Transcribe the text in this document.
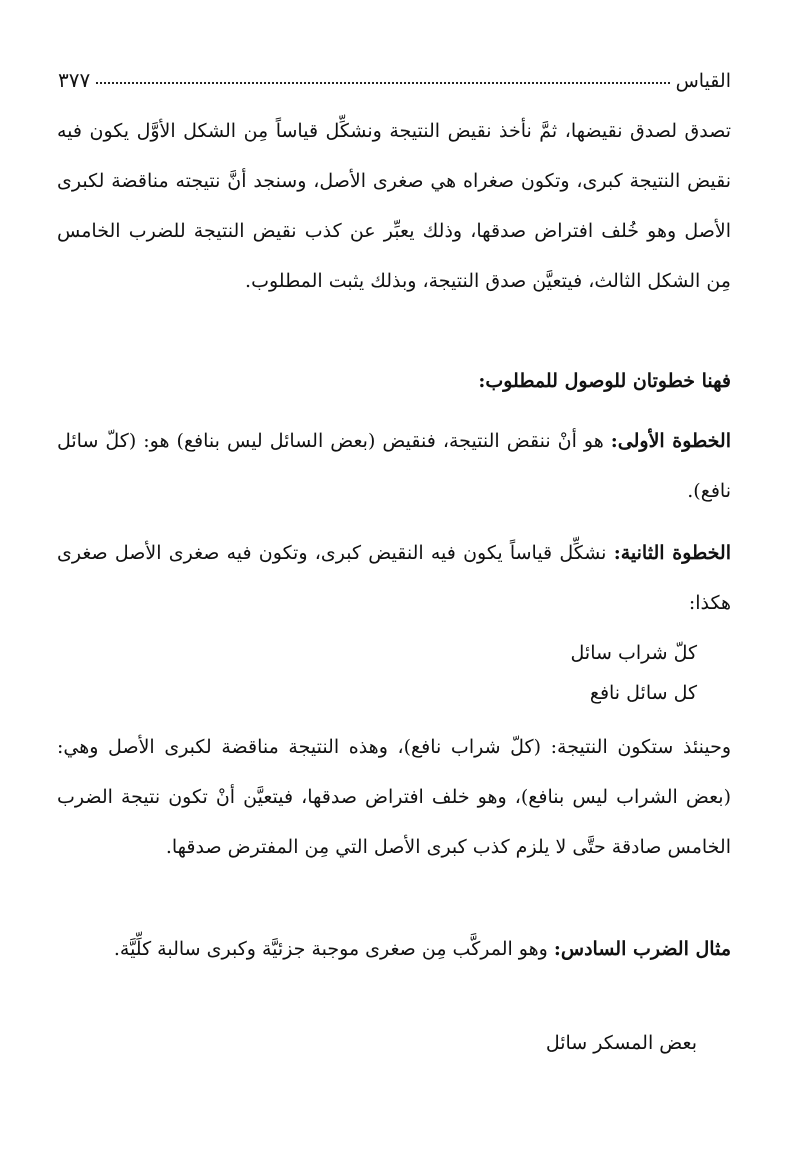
القياس
٣٧٧
تصدق لصدق نقيضها، ثمَّ نأخذ نقيض النتيجة ونشكِّل قياساً مِن الشكل الأوَّل يكون فيه نقيض النتيجة كبرى، وتكون صغراه هي صغرى الأصل، وسنجد أنَّ نتيجته مناقضة لكبرى الأصل وهو خُلف افتراض صدقها، وذلك يعبِّر عن كذب نقيض النتيجة للضرب الخامس مِن الشكل الثالث، فيتعيَّن صدق النتيجة، وبذلك يثبت المطلوب.
فهنا خطوتان للوصول للمطلوب:
الخطوة الأولى: هو أنْ ننقض النتيجة، فنقيض (بعض السائل ليس بنافع) هو: (كلّ سائل نافع).
الخطوة الثانية: نشكِّل قياساً يكون فيه النقيض كبرى، وتكون فيه صغرى الأصل صغرى هكذا:
كلّ شراب سائل
كل سائل نافع
وحينئذ ستكون النتيجة: (كلّ شراب نافع)، وهذه النتيجة مناقضة لكبرى الأصل وهي: (بعض الشراب ليس بنافع)، وهو خلف افتراض صدقها، فيتعيَّن أنْ تكون نتيجة الضرب الخامس صادقة حتَّى لا يلزم كذب كبرى الأصل التي مِن المفترض صدقها.
مثال الضرب السادس: وهو المركَّب مِن صغرى موجبة جزئيَّة وكبرى سالبة كلِّيَّة.
بعض المسكر سائل
